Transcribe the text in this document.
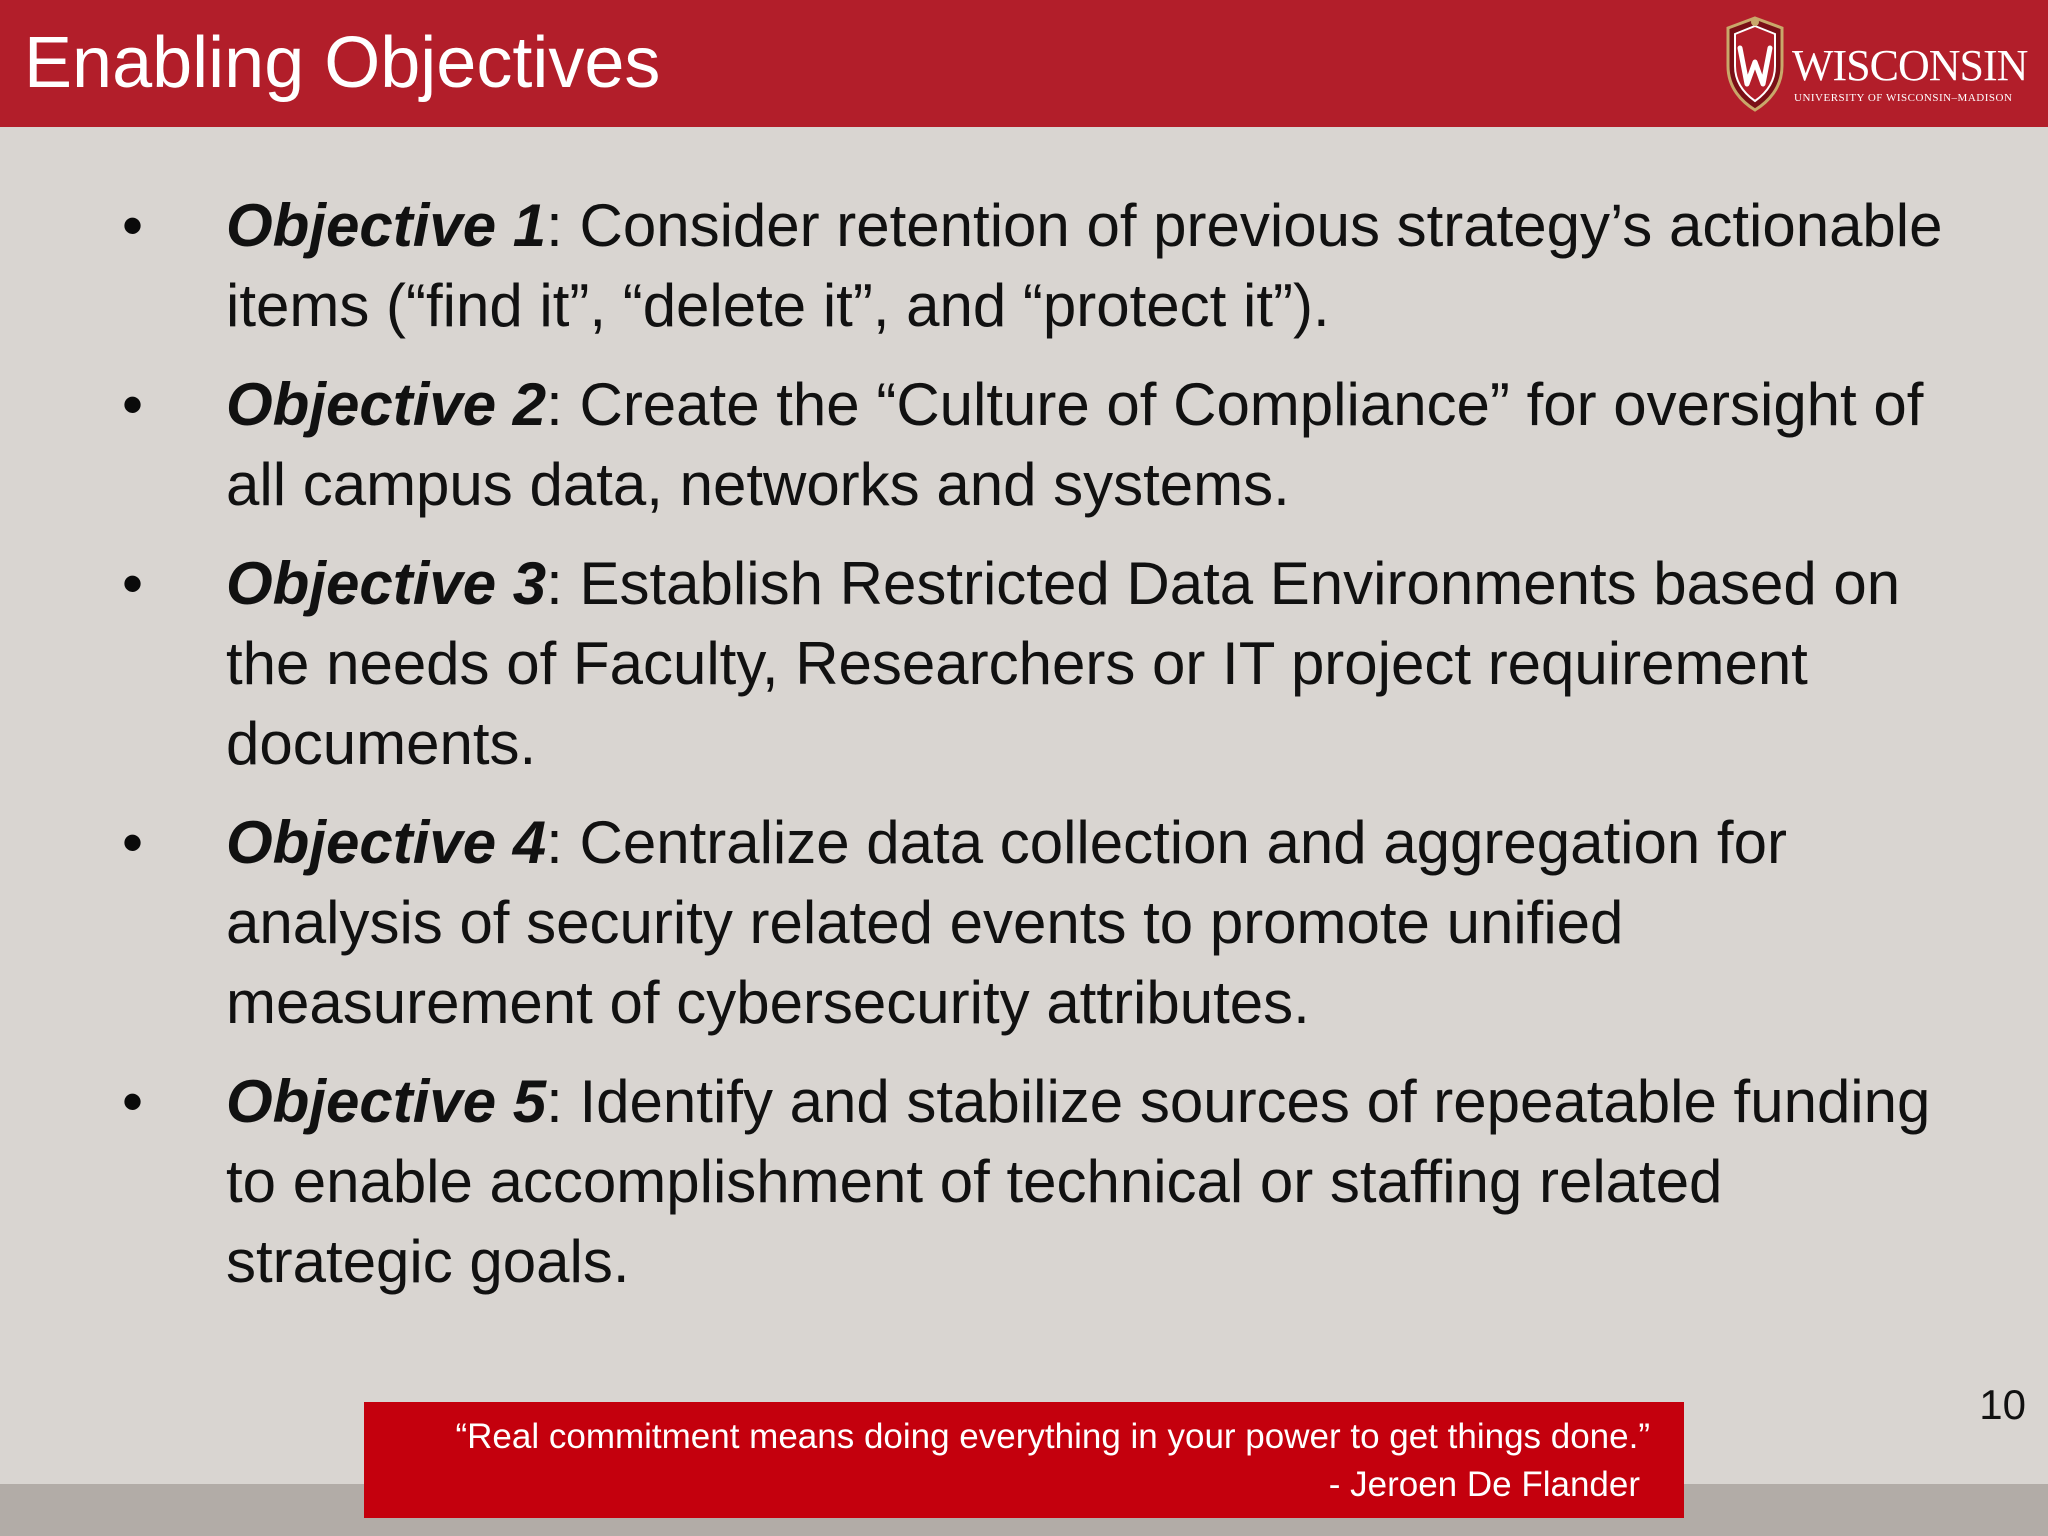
Enabling Objectives	WISCONSIN
UNIVERSITY OF WISCONSIN–MADISON
• Objective 1: Consider retention of previous strategy’s actionable items (“find it”, “delete it”, and “protect it”).
• Objective 2: Create the “Culture of Compliance” for oversight of all campus data, networks and systems.
• Objective 3: Establish Restricted Data Environments based on the needs of Faculty, Researchers or IT project requirement documents.
• Objective 4: Centralize data collection and aggregation for analysis of security related events to promote unified measurement of cybersecurity attributes.
• Objective 5: Identify and stabilize sources of repeatable funding to enable accomplishment of technical or staffing related strategic goals.
10
“Real commitment means doing everything in your power to get things done.”
- Jeroen De Flander
